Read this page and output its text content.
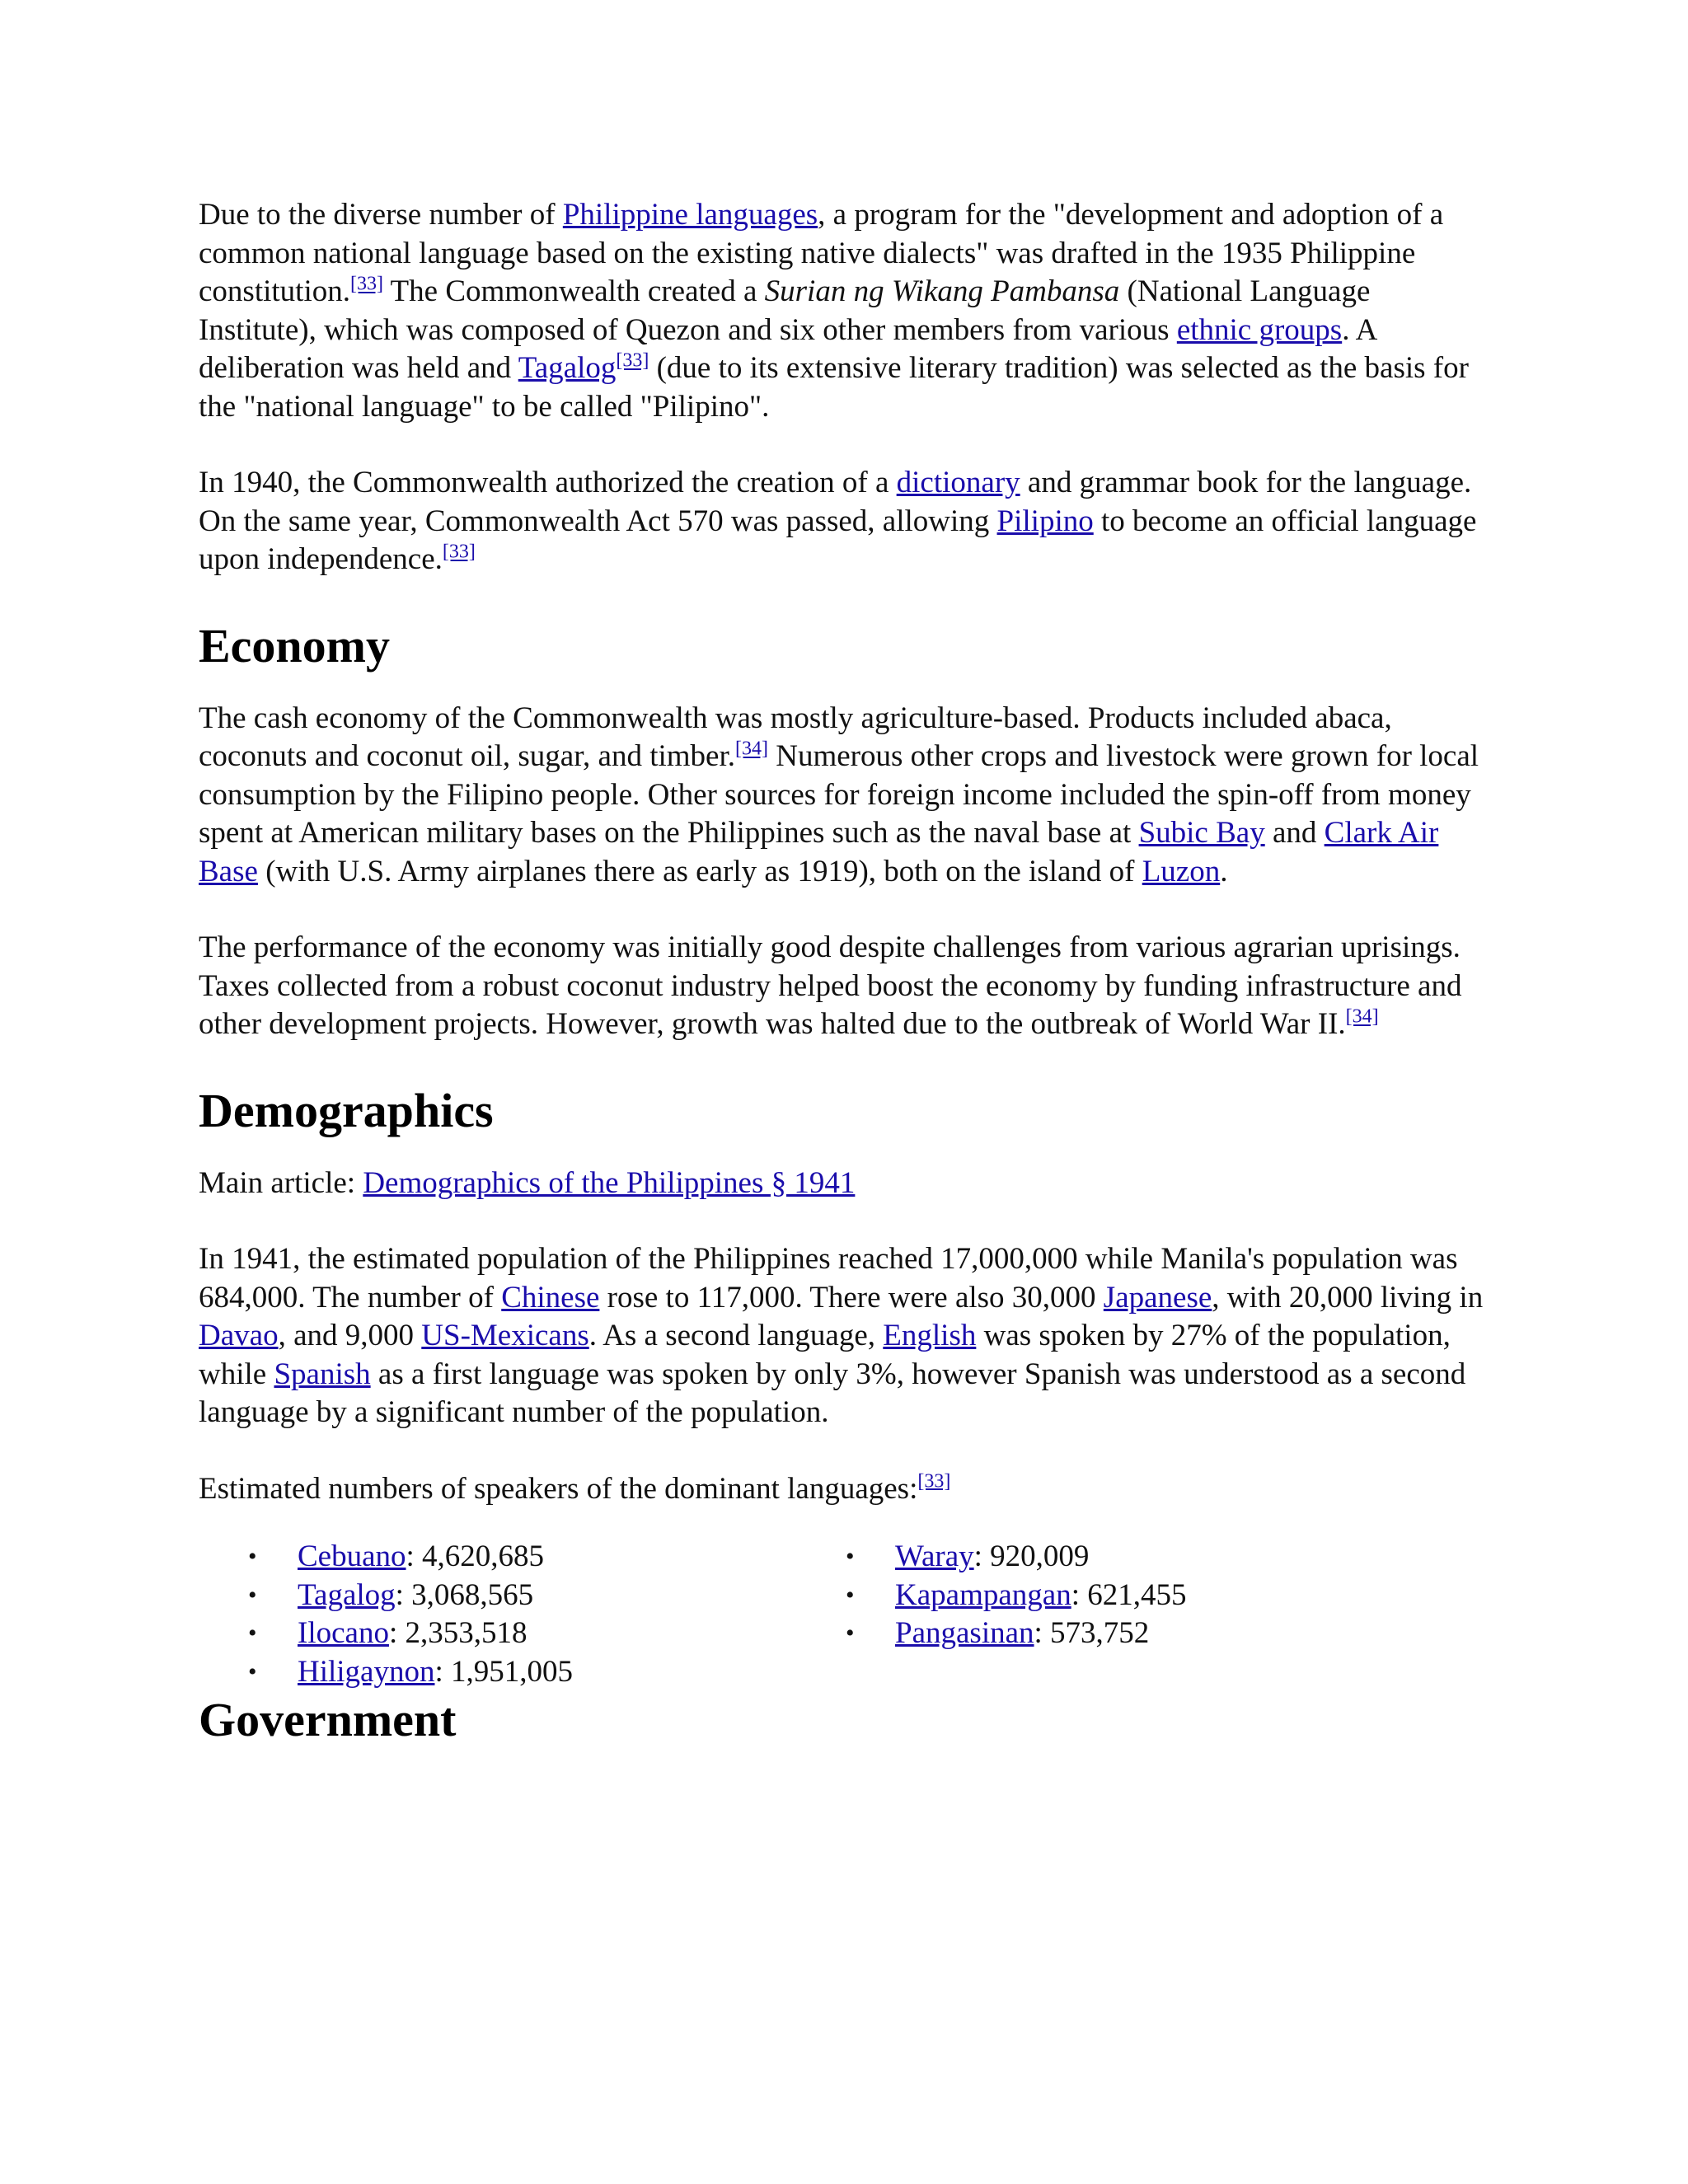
Due to the diverse number of Philippine languages, a program for the "development and adoption of a common national language based on the existing native dialects" was drafted in the 1935 Philippine constitution.[33] The Commonwealth created a Surian ng Wikang Pambansa (National Language Institute), which was composed of Quezon and six other members from various ethnic groups. A deliberation was held and Tagalog[33] (due to its extensive literary tradition) was selected as the basis for the "national language" to be called "Pilipino".

In 1940, the Commonwealth authorized the creation of a dictionary and grammar book for the language. On the same year, Commonwealth Act 570 was passed, allowing Pilipino to become an official language upon independence.[33]

Economy

The cash economy of the Commonwealth was mostly agriculture-based. Products included abaca, coconuts and coconut oil, sugar, and timber.[34] Numerous other crops and livestock were grown for local consumption by the Filipino people. Other sources for foreign income included the spin-off from money spent at American military bases on the Philippines such as the naval base at Subic Bay and Clark Air Base (with U.S. Army airplanes there as early as 1919), both on the island of Luzon.

The performance of the economy was initially good despite challenges from various agrarian uprisings. Taxes collected from a robust coconut industry helped boost the economy by funding infrastructure and other development projects. However, growth was halted due to the outbreak of World War II.[34]

Demographics

Main article: Demographics of the Philippines § 1941

In 1941, the estimated population of the Philippines reached 17,000,000 while Manila's population was 684,000. The number of Chinese rose to 117,000. There were also 30,000 Japanese, with 20,000 living in Davao, and 9,000 US-Mexicans. As a second language, English was spoken by 27% of the population, while Spanish as a first language was spoken by only 3%, however Spanish was understood as a second language by a significant number of the population.

Estimated numbers of speakers of the dominant languages:[33]

• Cebuano: 4,620,685
• Tagalog: 3,068,565
• Ilocano: 2,353,518
• Hiligaynon: 1,951,005
• Waray: 920,009
• Kapampangan: 621,455
• Pangasinan: 573,752
Government
